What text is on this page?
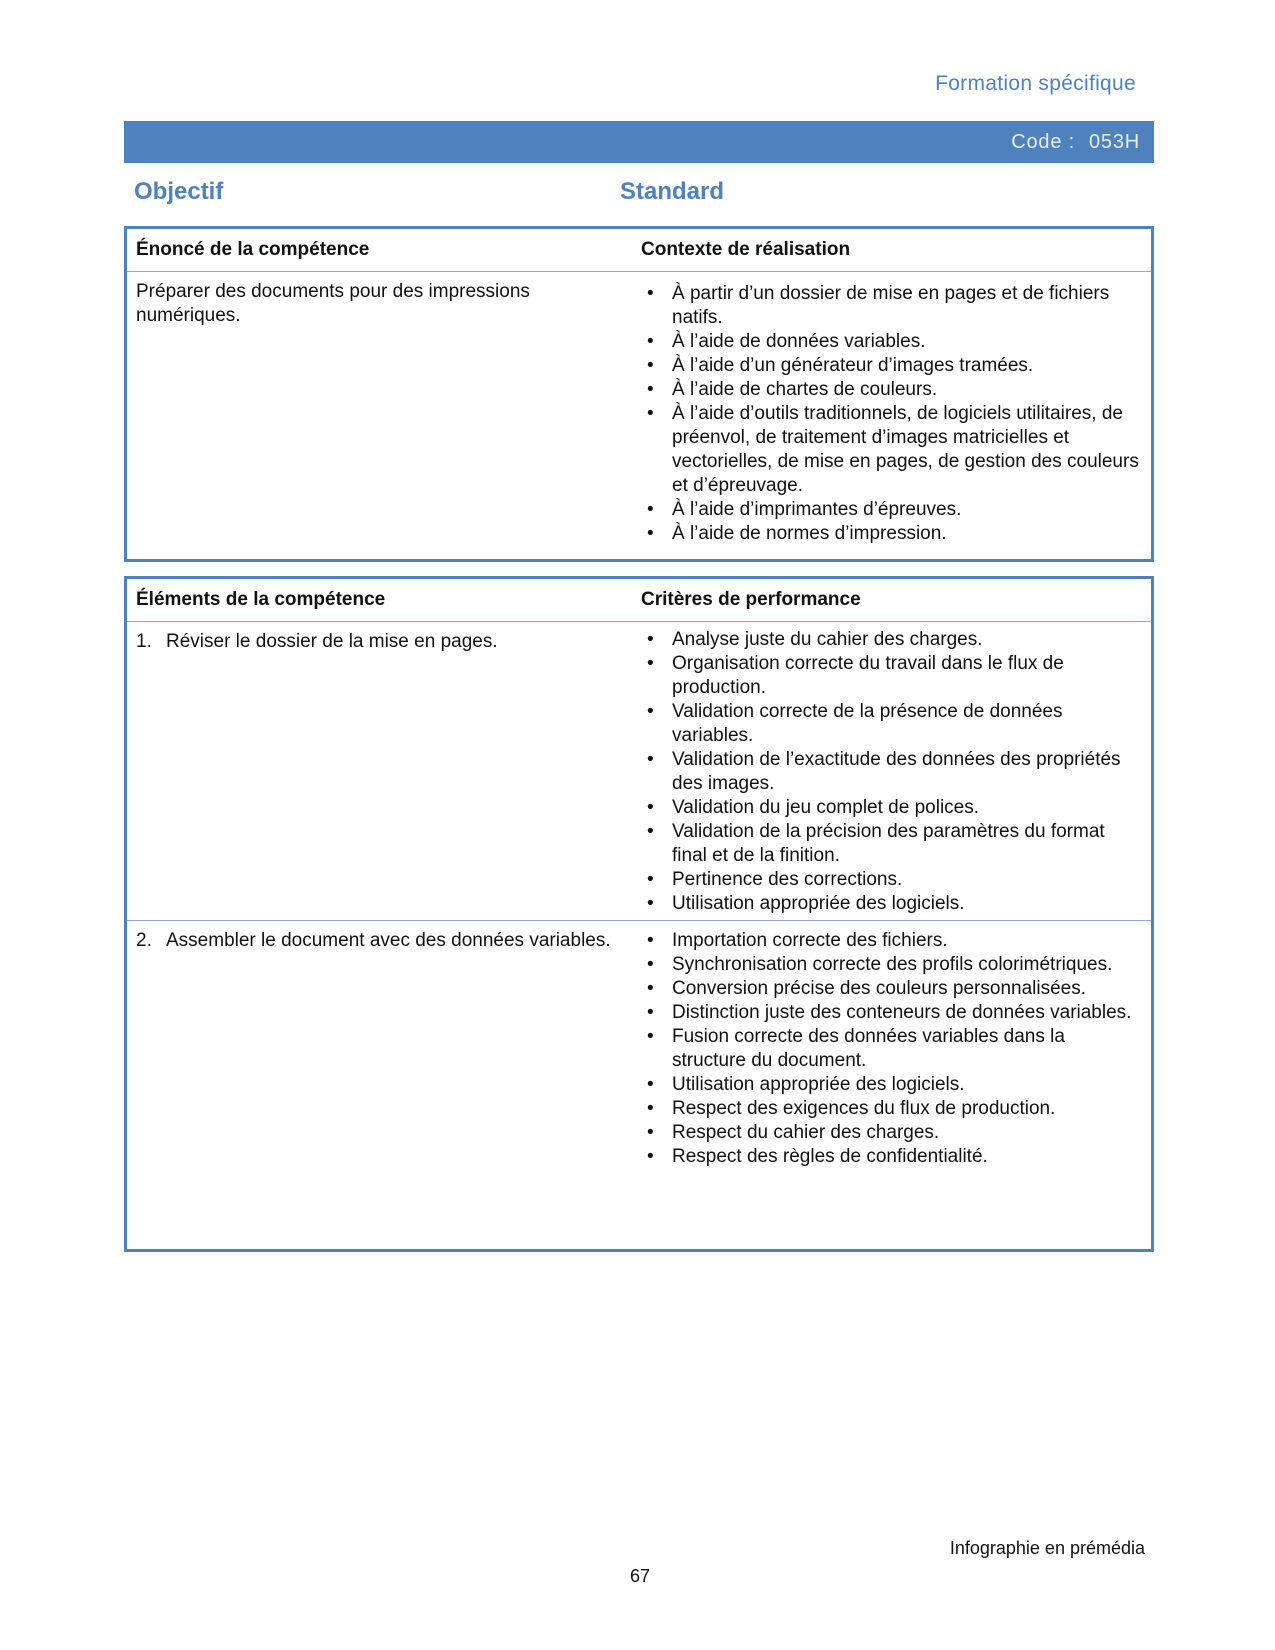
Formation spécifique
Code : 053H
Objectif	Standard
Énoncé de la compétence	Contexte de réalisation
Préparer des documents pour des impressions numériques.
• À partir d’un dossier de mise en pages et de fichiers natifs.
• À l’aide de données variables.
• À l’aide d’un générateur d’images tramées.
• À l’aide de chartes de couleurs.
• À l’aide d’outils traditionnels, de logiciels utilitaires, de préenvol, de traitement d’images matricielles et vectorielles, de mise en pages, de gestion des couleurs et d’épreuvage.
• À l’aide d’imprimantes d’épreuves.
• À l’aide de normes d’impression.
Éléments de la compétence	Critères de performance
1. Réviser le dossier de la mise en pages.	• Analyse juste du cahier des charges.
• Organisation correcte du travail dans le flux de production.
• Validation correcte de la présence de données variables.
• Validation de l’exactitude des données des propriétés des images.
• Validation du jeu complet de polices.
• Validation de la précision des paramètres du format final et de la finition.
• Pertinence des corrections.
• Utilisation appropriée des logiciels.
2. Assembler le document avec des données variables.	• Importation correcte des fichiers.
• Synchronisation correcte des profils colorimétriques.
• Conversion précise des couleurs personnalisées.
• Distinction juste des conteneurs de données variables.
• Fusion correcte des données variables dans la structure du document.
• Utilisation appropriée des logiciels.
• Respect des exigences du flux de production.
• Respect du cahier des charges.
• Respect des règles de confidentialité.
Infographie en prémédia
67
